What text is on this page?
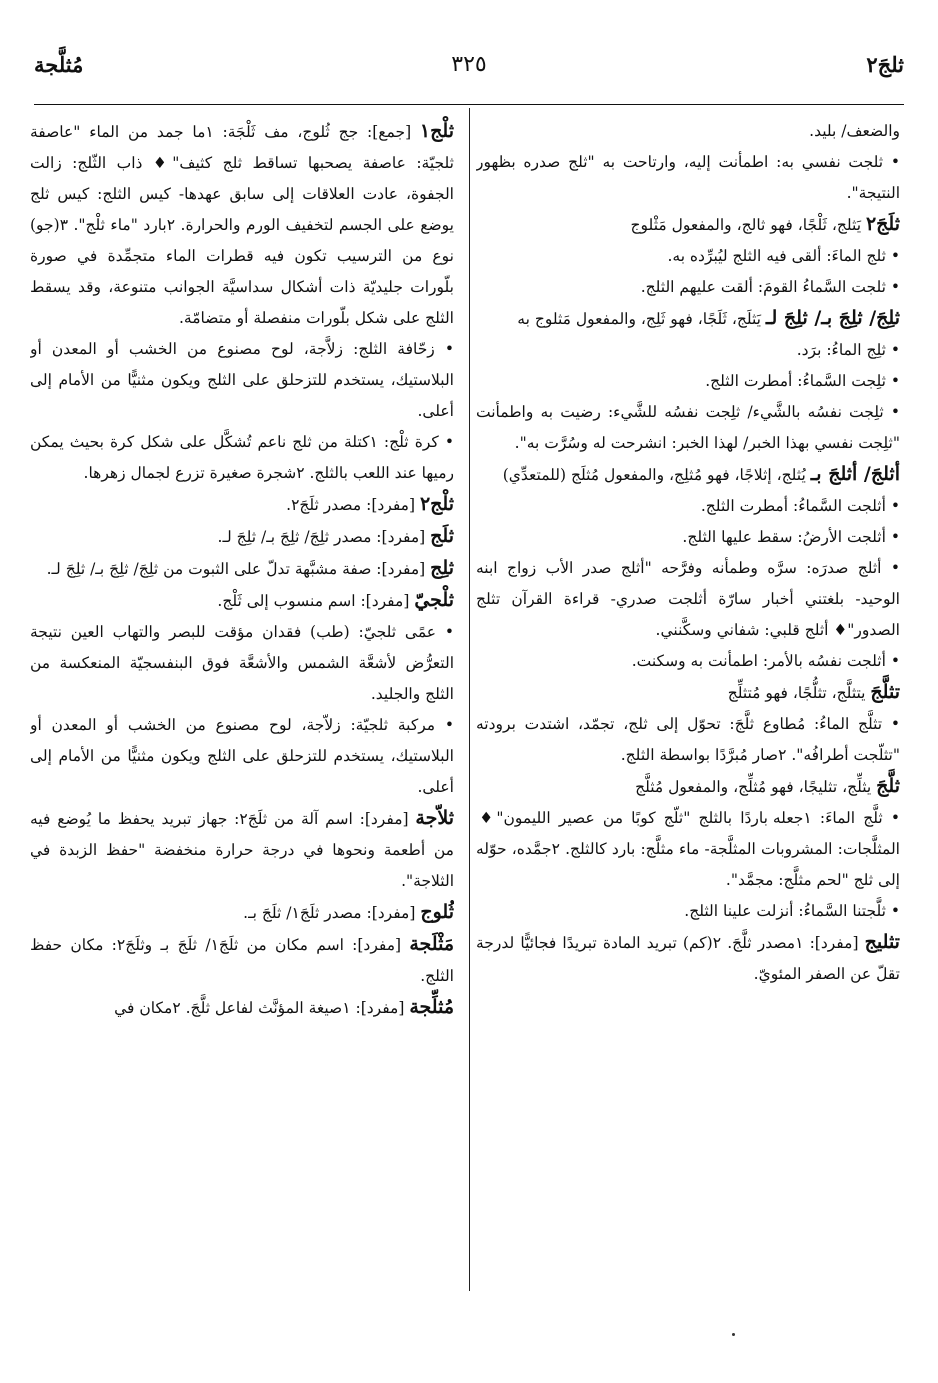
ثلجَ٢
٣٢٥
مُثلَّجة

والضعف/ بليد.

• ثلجت نفسي به: اطمأنت إليه، وارتاحت به "ثلج صدره بظهور النتيجة".

ثلَجَ٢ يَثلج، ثَلْجًا، فهو ثالج، والمفعول مَثْلوج

• ثلج الماءَ: ألقى فيه الثلج ليُبرِّده به.

• ثلجت السَّماءُ القومَ: ألقت عليهم الثلج.

ثلِجَ/ ثلِجَ بـ/ ثلِجَ لـ يَثلَج، ثَلَجًا، فهو ثَلِج، والمفعول مَثلوج به

• ثلِج الماءُ: برَد.

• ثلِجت السَّماءُ: أمطرت الثلج.

• ثلِجت نفسُه بالشَّيء/ ثلِجت نفسُه للشَّيء: رضيت به واطمأنت "ثلِجت نفسي بهذا الخبر/ لهذا الخبر: انشرحت له وسُرَّت به".

أثلجَ/ أثلجَ بـ يُثلج، إثلاجًا، فهو مُثلِج، والمفعول مُثلَج (للمتعدِّي)

• أثلجت السَّماءُ: أمطرت الثلج.

• أثلجت الأرضُ: سقط عليها الثلج.

• أثلج صدرَه: سرَّه وطمأنه وفرَّحه "أثلج صدر الأب زواج ابنه الوحيد- بلغتني أخبار سارّة أثلجت صدري- قراءة القرآن تثلج الصدور"♦ أثلج قلبي: شفاني وسكَّنني.

• أثلجت نفسُه بالأمر: اطمأنت به وسكنت.

تثلَّجَ يتثلَّج، تثلُّجًا، فهو مُتثلِّج

• تثلَّج الماءُ: مُطاوع ثلَّجَ: تحوّل إلى ثلج، تجمّد، اشتدت برودته "تثلّجت أطرافُه". ٢صار مُبرَّدًا بواسطة الثلج.

ثلَّجَ يثلِّج، تثليجًا، فهو مُثلِّج، والمفعول مُثلَّج

• ثلَّج الماءَ: ١جعله باردًا بالثلج "ثلّج كوبًا من عصير الليمون"♦ المثلَّجات: المشروبات المثلَّجة- ماء مثلَّج: بارد كالثلج. ٢جمَّده، حوّله إلى ثلج "لحم مثلَّج: مجمَّد".

• ثلَّجتنا السَّماءُ: أنزلت علينا الثلج.

تثليج [مفرد]: ١مصدر ثلَّجَ. ٢(كم) تبريد المادة تبريدًا فجائيًّا لدرجة تقلّ عن الصفر المئويّ.

ثلْج١ [جمع]: جج ثُلوج، مف ثَلْجَة: ١ما جمد من الماء "عاصفة ثلجيّة: عاصفة يصحبها تساقط ثلج كثيف"♦ ذاب الثّلج: زالت الجفوة، عادت العلاقات إلى سابق عهدها- كيس الثلج: كيس ثلج يوضع على الجسم لتخفيف الورم والحرارة. ٢بارد "ماء ثلْج". ٣(جو) نوع من الترسيب تكون فيه قطرات الماء متجمِّدة في صورة بلّورات جليديّة ذات أشكال سداسيَّة الجوانب متنوعة، وقد يسقط الثلج على شكل بلّورات منفصلة أو متضامّة.

• زحّافة الثلج: زلاَّجة، لوح مصنوع من الخشب أو المعدن أو البلاستيك، يستخدم للتزحلق على الثلج ويكون مثنيًّا من الأمام إلى أعلى.

• كرة ثلْج: ١كتلة من ثلج ناعم تُشكَّل على شكل كرة بحيث يمكن رميها عند اللعب بالثلج. ٢شجرة صغيرة تزرع لجمال زهرها.

ثلْج٢ [مفرد]: مصدر ثلَجَ٢.

ثلَج [مفرد]: مصدر ثلِجَ/ ثلِجَ بـ/ ثلِجَ لـ.

ثلِج [مفرد]: صفة مشبَّهة تدلّ على الثبوت من ثلِجَ/ ثلِجَ بـ/ ثلِجَ لـ.

ثلْجيّ [مفرد]: اسم منسوب إلى ثَلْج.

• عمًى ثلجيّ: (طب) فقدان مؤقت للبصر والتهاب العين نتيجة التعرُّض لأشعَّة الشمس والأشعَّة فوق البنفسجيّة المنعكسة من الثلج والجليد.

• مركبة ثلجيّة: زلاّجة، لوح مصنوع من الخشب أو المعدن أو البلاستيك، يستخدم للتزحلق على الثلج ويكون مثنيًّا من الأمام إلى أعلى.

ثلاّجة [مفرد]: اسم آلة من ثلَجَ٢: جهاز تبريد يحفظ ما يُوضع فيه من أطعمة ونحوها في درجة حرارة منخفضة "حفظ الزبدة في الثلاجة".

ثُلوج [مفرد]: مصدر ثلَجَ١/ ثلَجَ بـ.

مَثْلَجة [مفرد]: اسم مكان من ثلَجَ١/ ثلَجَ بـ وثلَجَ٢: مكان حفظ الثلج.

مُثلِّجة [مفرد]: ١صيغة المؤنَّث لفاعل ثلَّجَ. ٢مكان في
